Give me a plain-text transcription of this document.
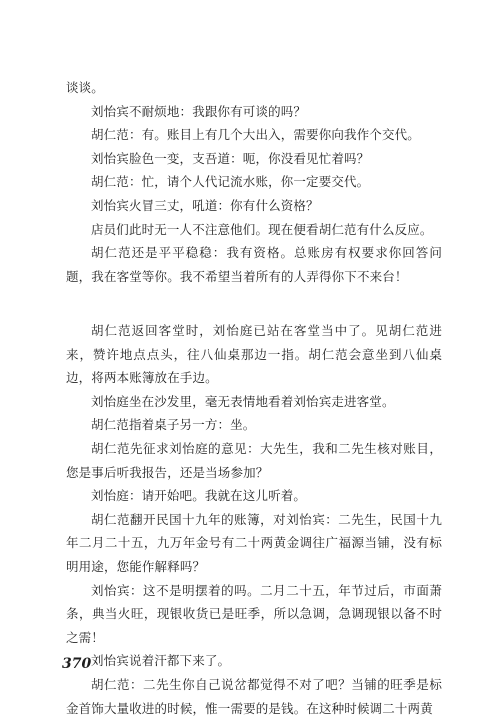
谈谈。

刘怡宾不耐烦地：我跟你有可谈的吗？

胡仁范：有。账目上有几个大出入，需要你向我作个交代。

刘怡宾脸色一变，支吾道：呃，你没看见忙着吗？

胡仁范：忙，请个人代记流水账，你一定要交代。

刘怡宾火冒三丈，吼道：你有什么资格？

店员们此时无一人不注意他们。现在便看胡仁范有什么反应。

胡仁范还是平平稳稳：我有资格。总账房有权要求你回答问题，我在客堂等你。我不希望当着所有的人弄得你下不来台！

胡仁范返回客堂时，刘怡庭已站在客堂当中了。见胡仁范进来，赞许地点点头，往八仙桌那边一指。胡仁范会意坐到八仙桌边，将两本账簿放在手边。

刘怡庭坐在沙发里，毫无表情地看着刘怡宾走进客堂。

胡仁范指着桌子另一方：坐。

胡仁范先征求刘怡庭的意见：大先生，我和二先生核对账目，您是事后听我报告，还是当场参加？

刘怡庭：请开始吧。我就在这儿听着。

胡仁范翻开民国十九年的账簿，对刘怡宾：二先生，民国十九年二月二十五，九万年金号有二十两黄金调往广福源当铺，没有标明用途，您能作解释吗？

刘怡宾：这不是明摆着的吗。二月二十五，年节过后，市面萧条，典当火旺，现银收货已是旺季，所以急调，急调现银以备不时之需！

刘怡宾说着汗都下来了。

胡仁范：二先生你自己说岔都觉得不对了吧？当铺的旺季是标金首饰大量收进的时候，惟一需要的是钱。在这种时候调二十两黄

370
